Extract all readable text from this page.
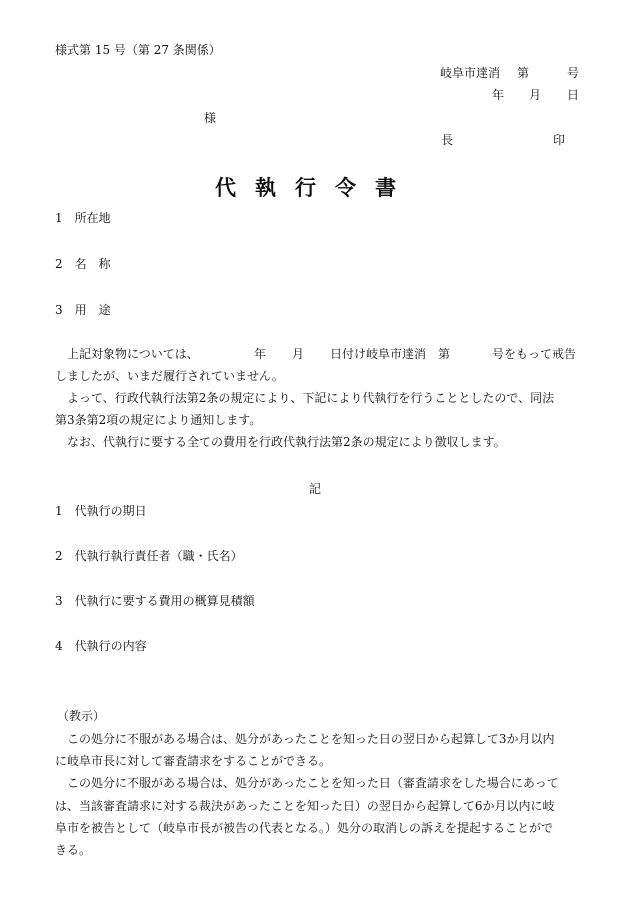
様式第 15 号（第 27 条関係）
岐阜市達消 第	号
年 月 日
様
長	印
代執行令書
1　所在地
2　名　称
3　用　途
上記対象物については、	年 月 日付け岐阜市達消　第	号をもって戒告
しましたが、いまだ履行されていません。
よって、行政代執行法第2条の規定により、下記により代執行を行うこととしたので、同法
第3条第2項の規定により通知します。
なお、代執行に要する全ての費用を行政代執行法第2条の規定により徴収します。
記
1　代執行の期日
2　代執行執行責任者（職・氏名）
3　代執行に要する費用の概算見積額
4　代執行の内容
（教示）
この処分に不服がある場合は、処分があったことを知った日の翌日から起算して3か月以内
に岐阜市長に対して審査請求をすることができる。
この処分に不服がある場合は、処分があったことを知った日（審査請求をした場合にあって
は、当該審査請求に対する裁決があったことを知った日）の翌日から起算して6か月以内に岐
阜市を被告として（岐阜市長が被告の代表となる。）処分の取消しの訴えを提起することがで
きる。
